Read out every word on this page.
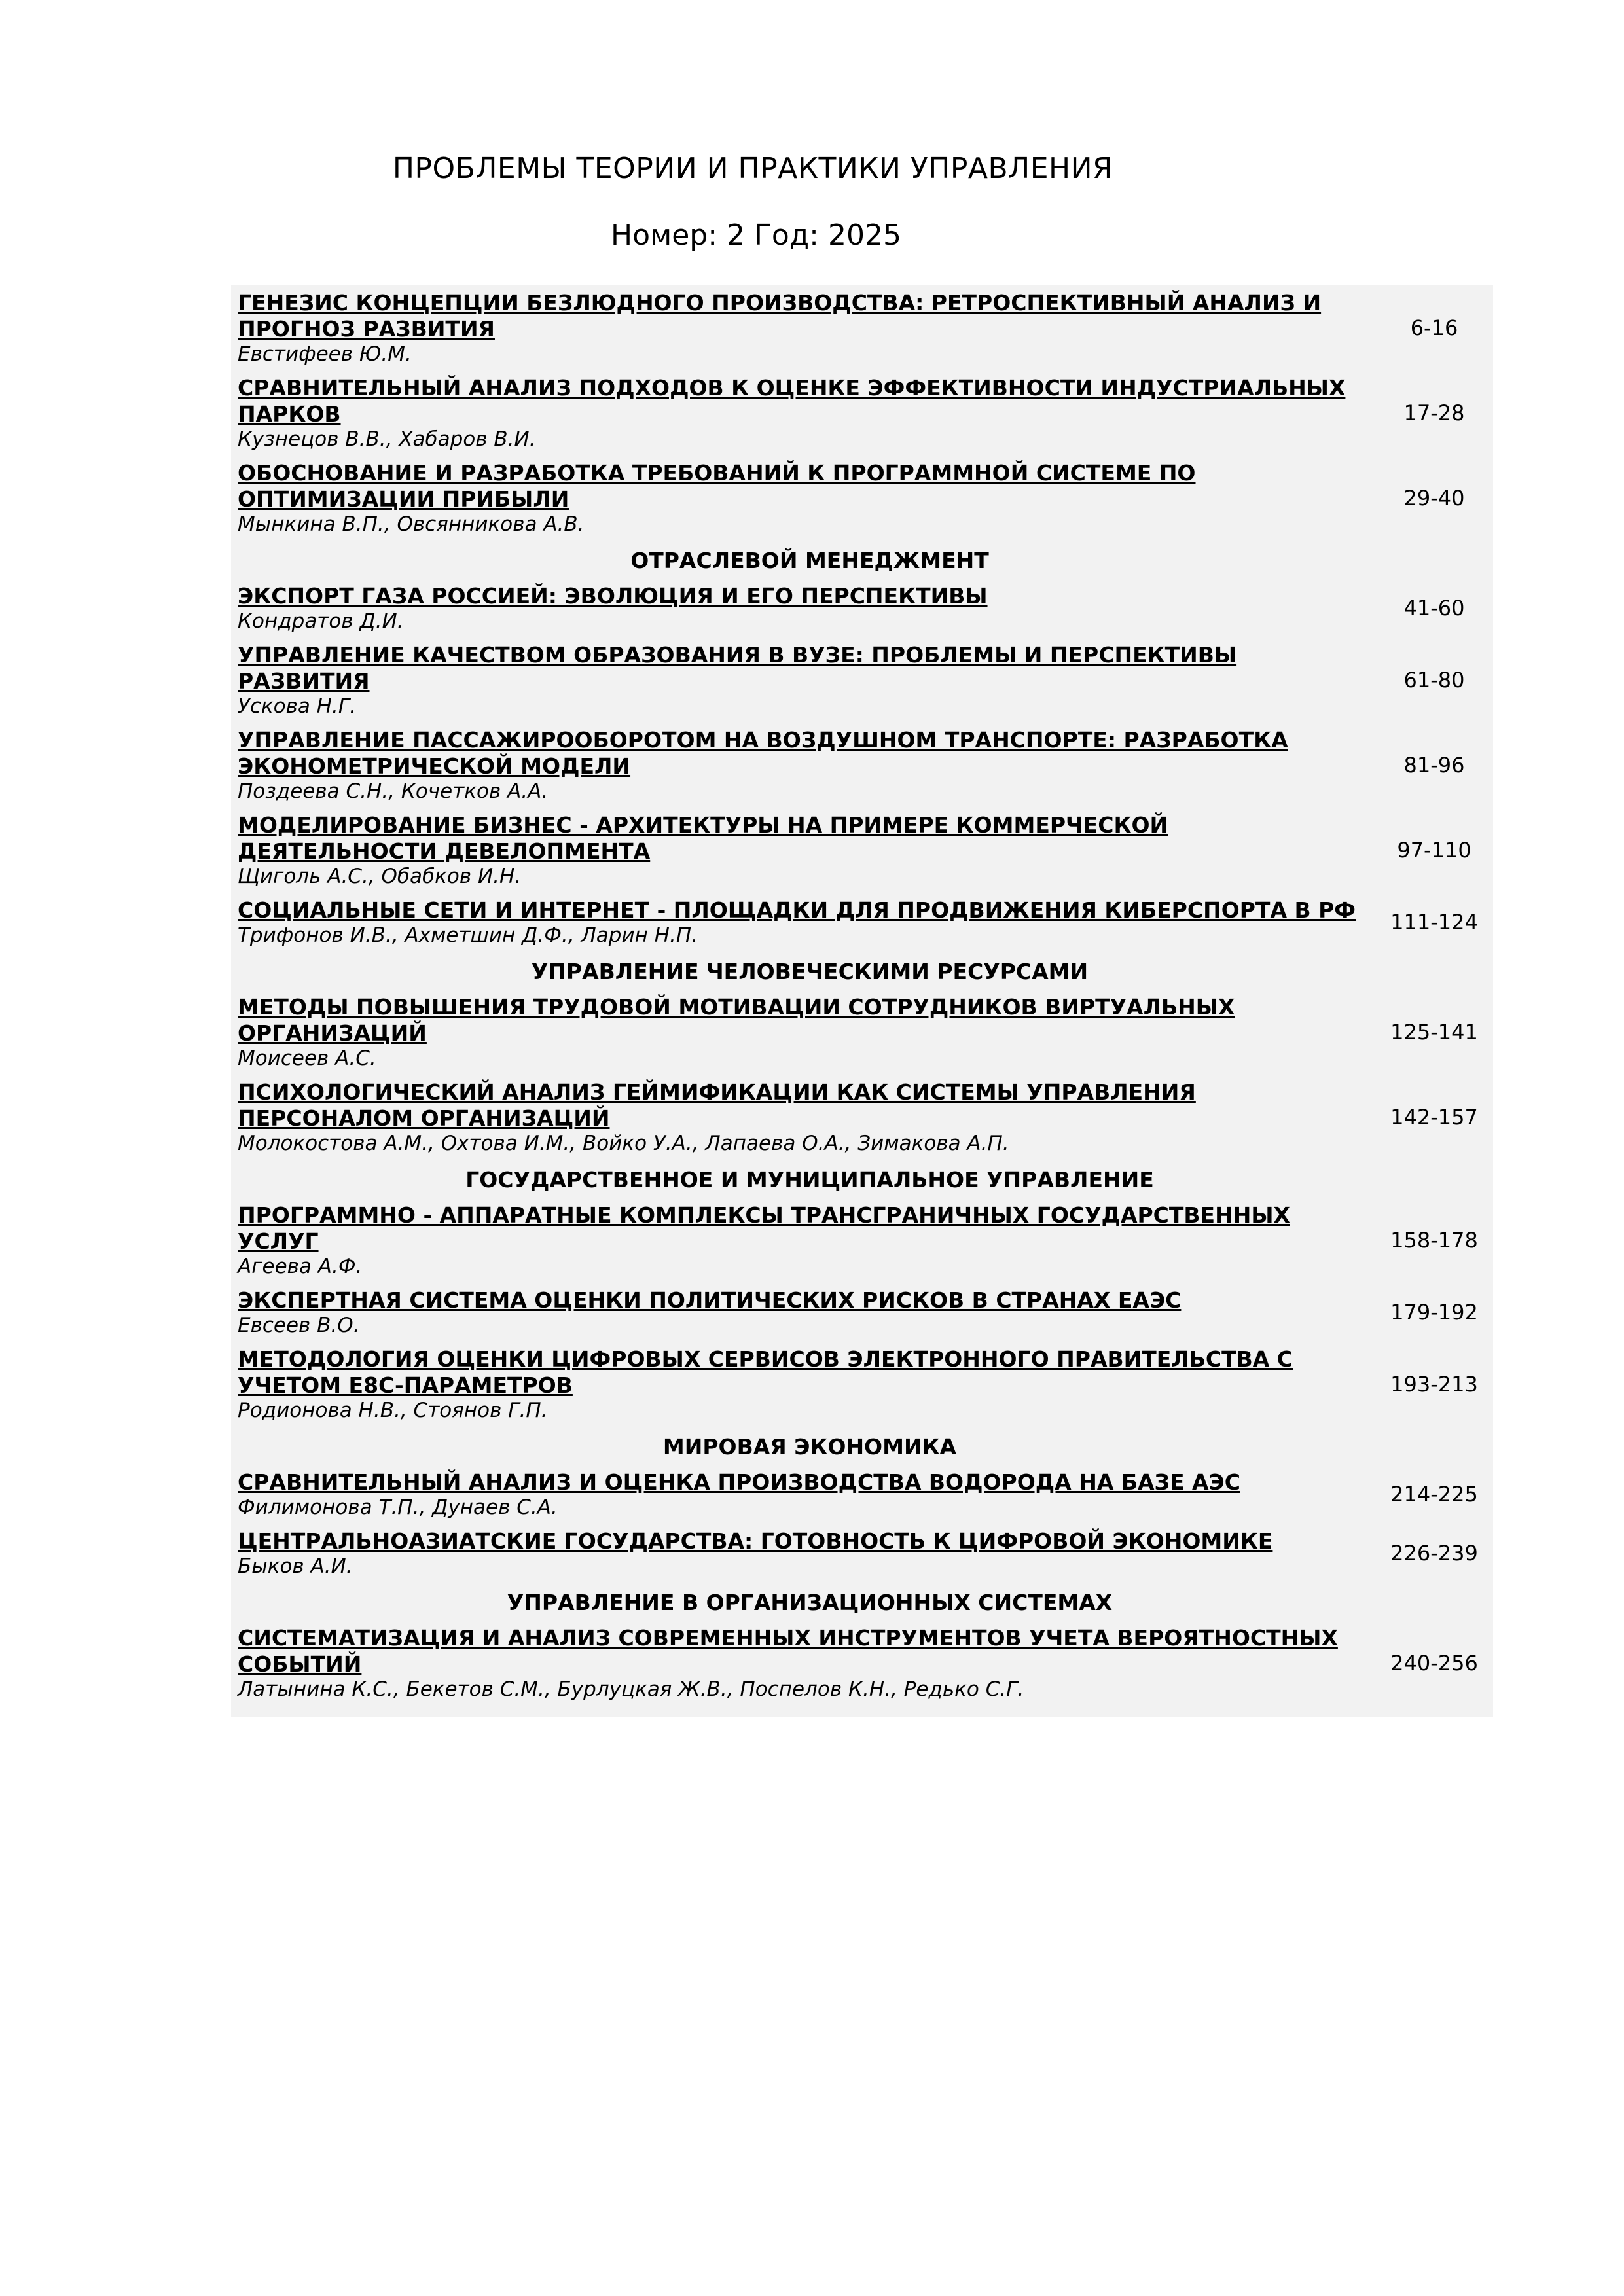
ПРОБЛЕМЫ ТЕОРИИ И ПРАКТИКИ УПРАВЛЕНИЯ

Номер: 2 Год: 2025

ГЕНЕЗИС КОНЦЕПЦИИ БЕЗЛЮДНОГО ПРОИЗВОДСТВА: РЕТРОСПЕКТИВНЫЙ АНАЛИЗ И ПРОГНОЗ РАЗВИТИЯ
Евстифеев Ю.М.
6-16
СРАВНИТЕЛЬНЫЙ АНАЛИЗ ПОДХОДОВ К ОЦЕНКЕ ЭФФЕКТИВНОСТИ ИНДУСТРИАЛЬНЫХ ПАРКОВ
Кузнецов В.В., Хабаров В.И.
17-28
ОБОСНОВАНИЕ И РАЗРАБОТКА ТРЕБОВАНИЙ К ПРОГРАММНОЙ СИСТЕМЕ ПО ОПТИМИЗАЦИИ ПРИБЫЛИ
Мынкина В.П., Овсянникова А.В.
29-40
ОТРАСЛЕВОЙ МЕНЕДЖМЕНТ
ЭКСПОРТ ГАЗА РОССИЕЙ: ЭВОЛЮЦИЯ И ЕГО ПЕРСПЕКТИВЫ
Кондратов Д.И.
41-60
УПРАВЛЕНИЕ КАЧЕСТВОМ ОБРАЗОВАНИЯ В ВУЗЕ: ПРОБЛЕМЫ И ПЕРСПЕКТИВЫ РАЗВИТИЯ
Ускова Н.Г.
61-80
УПРАВЛЕНИЕ ПАССАЖИРООБОРОТОМ НА ВОЗДУШНОМ ТРАНСПОРТЕ: РАЗРАБОТКА ЭКОНОМЕТРИЧЕСКОЙ МОДЕЛИ
Поздеева С.Н., Кочетков А.А.
81-96
МОДЕЛИРОВАНИЕ БИЗНЕС - АРХИТЕКТУРЫ НА ПРИМЕРЕ КОММЕРЧЕСКОЙ ДЕЯТЕЛЬНОСТИ ДЕВЕЛОПМЕНТА
Щиголь А.С., Обабков И.Н.
97-110
СОЦИАЛЬНЫЕ СЕТИ И ИНТЕРНЕТ - ПЛОЩАДКИ ДЛЯ ПРОДВИЖЕНИЯ КИБЕРСПОРТА В РФ
Трифонов И.В., Ахметшин Д.Ф., Ларин Н.П.
111-124
УПРАВЛЕНИЕ ЧЕЛОВЕЧЕСКИМИ РЕСУРСАМИ
МЕТОДЫ ПОВЫШЕНИЯ ТРУДОВОЙ МОТИВАЦИИ СОТРУДНИКОВ ВИРТУАЛЬНЫХ ОРГАНИЗАЦИЙ
Моисеев А.С.
125-141
ПСИХОЛОГИЧЕСКИЙ АНАЛИЗ ГЕЙМИФИКАЦИИ КАК СИСТЕМЫ УПРАВЛЕНИЯ ПЕРСОНАЛОМ ОРГАНИЗАЦИЙ
Молокостова А.М., Охтова И.М., Войко У.А., Лапаева О.А., Зимакова А.П.
142-157
ГОСУДАРСТВЕННОЕ И МУНИЦИПАЛЬНОЕ УПРАВЛЕНИЕ
ПРОГРАММНО - АППАРАТНЫЕ КОМПЛЕКСЫ ТРАНСГРАНИЧНЫХ ГОСУДАРСТВЕННЫХ УСЛУГ
Агеева А.Ф.
158-178
ЭКСПЕРТНАЯ СИСТЕМА ОЦЕНКИ ПОЛИТИЧЕСКИХ РИСКОВ В СТРАНАХ ЕАЭС
Евсеев В.О.
179-192
МЕТОДОЛОГИЯ ОЦЕНКИ ЦИФРОВЫХ СЕРВИСОВ ЭЛЕКТРОННОГО ПРАВИТЕЛЬСТВА С УЧЕТОМ E8C-ПАРАМЕТРОВ
Родионова Н.В., Стоянов Г.П.
193-213
МИРОВАЯ ЭКОНОМИКА
СРАВНИТЕЛЬНЫЙ АНАЛИЗ И ОЦЕНКА ПРОИЗВОДСТВА ВОДОРОДА НА БАЗЕ АЭС
Филимонова Т.П., Дунаев С.А.
214-225
ЦЕНТРАЛЬНОАЗИАТСКИЕ ГОСУДАРСТВА: ГОТОВНОСТЬ К ЦИФРОВОЙ ЭКОНОМИКЕ
Быков А.И.
226-239
УПРАВЛЕНИЕ В ОРГАНИЗАЦИОННЫХ СИСТЕМАХ
СИСТЕМАТИЗАЦИЯ И АНАЛИЗ СОВРЕМЕННЫХ ИНСТРУМЕНТОВ УЧЕТА ВЕРОЯТНОСТНЫХ СОБЫТИЙ
Латынина К.С., Бекетов С.М., Бурлуцкая Ж.В., Поспелов К.Н., Редько С.Г.
240-256
